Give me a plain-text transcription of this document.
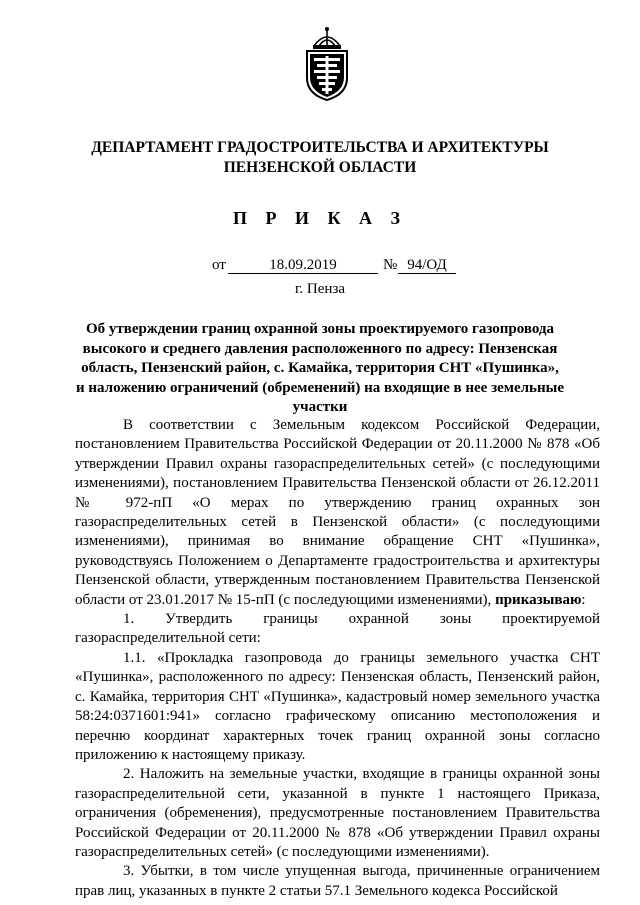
ДЕПАРТАМЕНТ ГРАДОСТРОИТЕЛЬСТВА И АРХИТЕКТУРЫ
ПЕНЗЕНСКОЙ ОБЛАСТИ
П Р И К А З
от	18.09.2019	№ 94/ОД
г. Пенза
Об утверждении границ охранной зоны проектируемого газопровода
высокого и среднего давления расположенного по адресу: Пензенская
область, Пензенский район, с. Камайка, территория СНТ «Пушинка»,
и наложению ограничений (обременений) на входящие в нее земельные
участки

В соответствии с Земельным кодексом Российской Федерации, постановлением Правительства Российской Федерации от 20.11.2000 № 878 «Об утверждении Правил охраны газораспределительных сетей» (с последующими изменениями), постановлением Правительства Пензенской области от 26.12.2011 № 972-пП «О мерах по утверждению границ охранных зон газораспределительных сетей в Пензенской области» (с последующими изменениями), принимая во внимание обращение СНТ «Пушинка», руководствуясь Положением о Департаменте градостроительства и архитектуры Пензенской области, утвержденным постановлением Правительства Пензенской области от 23.01.2017 № 15-пП (с последующими изменениями), приказываю:

1. Утвердить границы охранной зоны проектируемой газораспределительной сети:

1.1. «Прокладка газопровода до границы земельного участка СНТ «Пушинка», расположенного по адресу: Пензенская область, Пензенский район, с. Камайка, территория СНТ «Пушинка», кадастровый номер земельного участка 58:24:0371601:941» согласно графическому описанию местоположения и перечню координат характерных точек границ охранной зоны согласно приложению к настоящему приказу.

2. Наложить на земельные участки, входящие в границы охранной зоны газораспределительной сети, указанной в пункте 1 настоящего Приказа, ограничения (обременения), предусмотренные постановлением Правительства Российской Федерации от 20.11.2000 № 878 «Об утверждении Правил охраны газораспределительных сетей» (с последующими изменениями).

3. Убытки, в том числе упущенная выгода, причиненные ограничением прав лиц, указанных в пункте 2 статьи 57.1 Земельного кодекса Российской
